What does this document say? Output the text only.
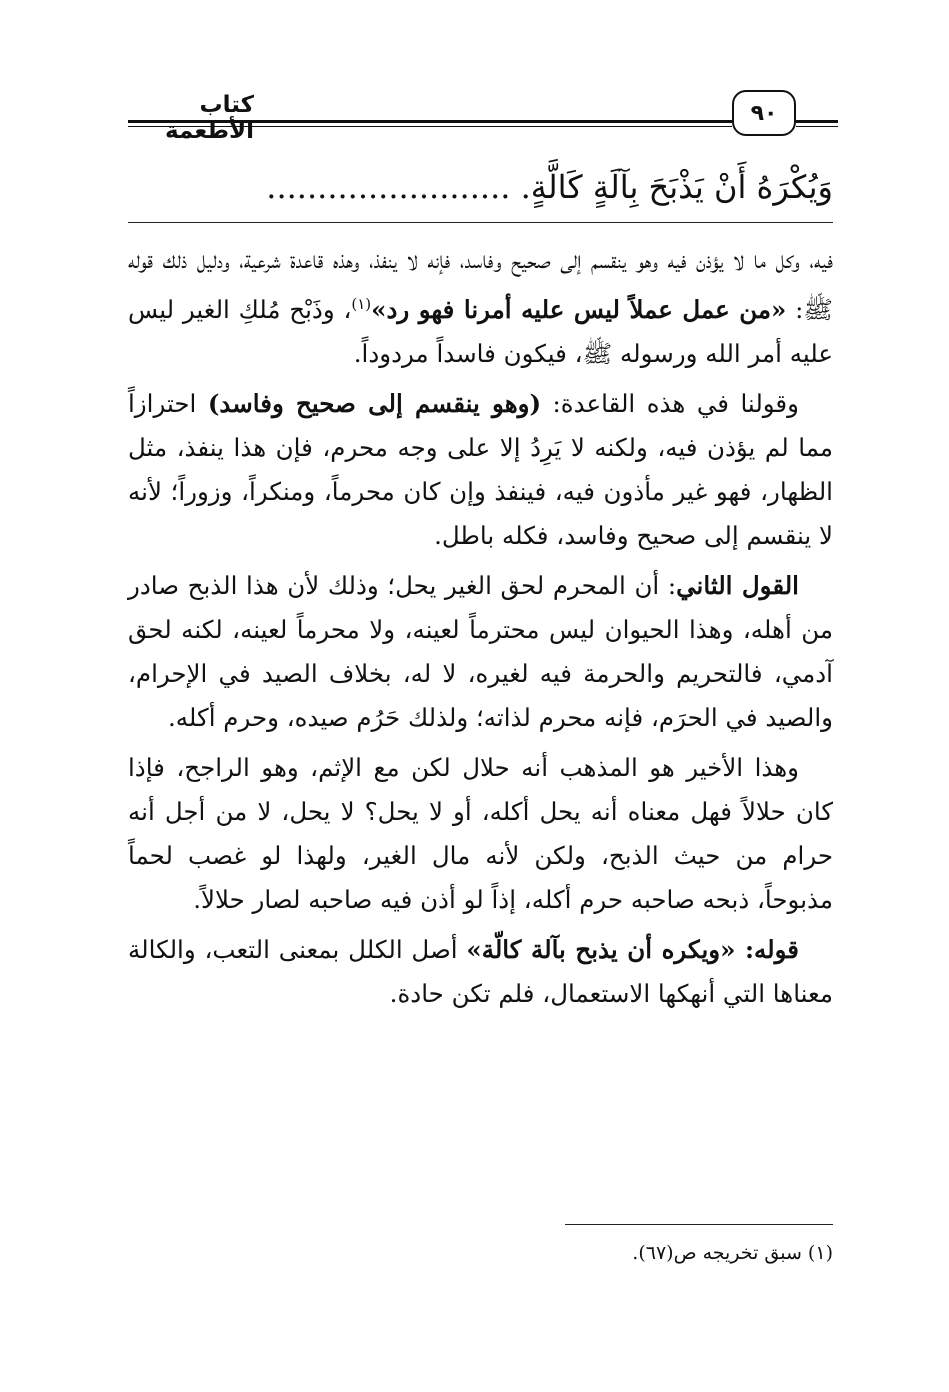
٩٠
كتاب الأطعمة
وَيُكْرَهُ أَنْ يَذْبَحَ بِآلَةٍ كَالَّةٍ. ........................

فيه، وكل ما لا يؤذن فيه وهو ينقسم إلى صحيح وفاسد، فإنه لا ينفذ، وهذه قاعدة شرعية، ودليل ذلك قوله ﷺ: «من عمل عملاً ليس عليه أمرنا فهو رد»$^{(١)}$، وذَبْح مُلكِ الغير ليس عليه أمر الله ورسوله ﷺ، فيكون فاسداً مردوداً.

وقولنا في هذه القاعدة: (وهو ينقسم إلى صحيح وفاسد) احترازاً مما لم يؤذن فيه، ولكنه لا يَرِدُ إلا على وجه محرم، فإن هذا ينفذ، مثل الظهار، فهو غير مأذون فيه، فينفذ وإن كان محرماً، ومنكراً، وزوراً؛ لأنه لا ينقسم إلى صحيح وفاسد، فكله باطل.

القول الثاني: أن المحرم لحق الغير يحل؛ وذلك لأن هذا الذبح صادر من أهله، وهذا الحيوان ليس محترماً لعينه، ولا محرماً لعينه، لكنه لحق آدمي، فالتحريم والحرمة فيه لغيره، لا له، بخلاف الصيد في الإحرام، والصيد في الحرَم، فإنه محرم لذاته؛ ولذلك حَرُم صيده، وحرم أكله.

وهذا الأخير هو المذهب أنه حلال لكن مع الإثم، وهو الراجح، فإذا كان حلالاً فهل معناه أنه يحل أكله، أو لا يحل؟ لا يحل، لا من أجل أنه حرام من حيث الذبح، ولكن لأنه مال الغير، ولهذا لو غصب لحماً مذبوحاً، ذبحه صاحبه حرم أكله، إذاً لو أذن فيه صاحبه لصار حلالاً.

قوله: «ويكره أن يذبح بآلة كالّة» أصل الكلل بمعنى التعب، والكالة معناها التي أنهكها الاستعمال، فلم تكن حادة.

(١) سبق تخريجه ص(٦٧).
